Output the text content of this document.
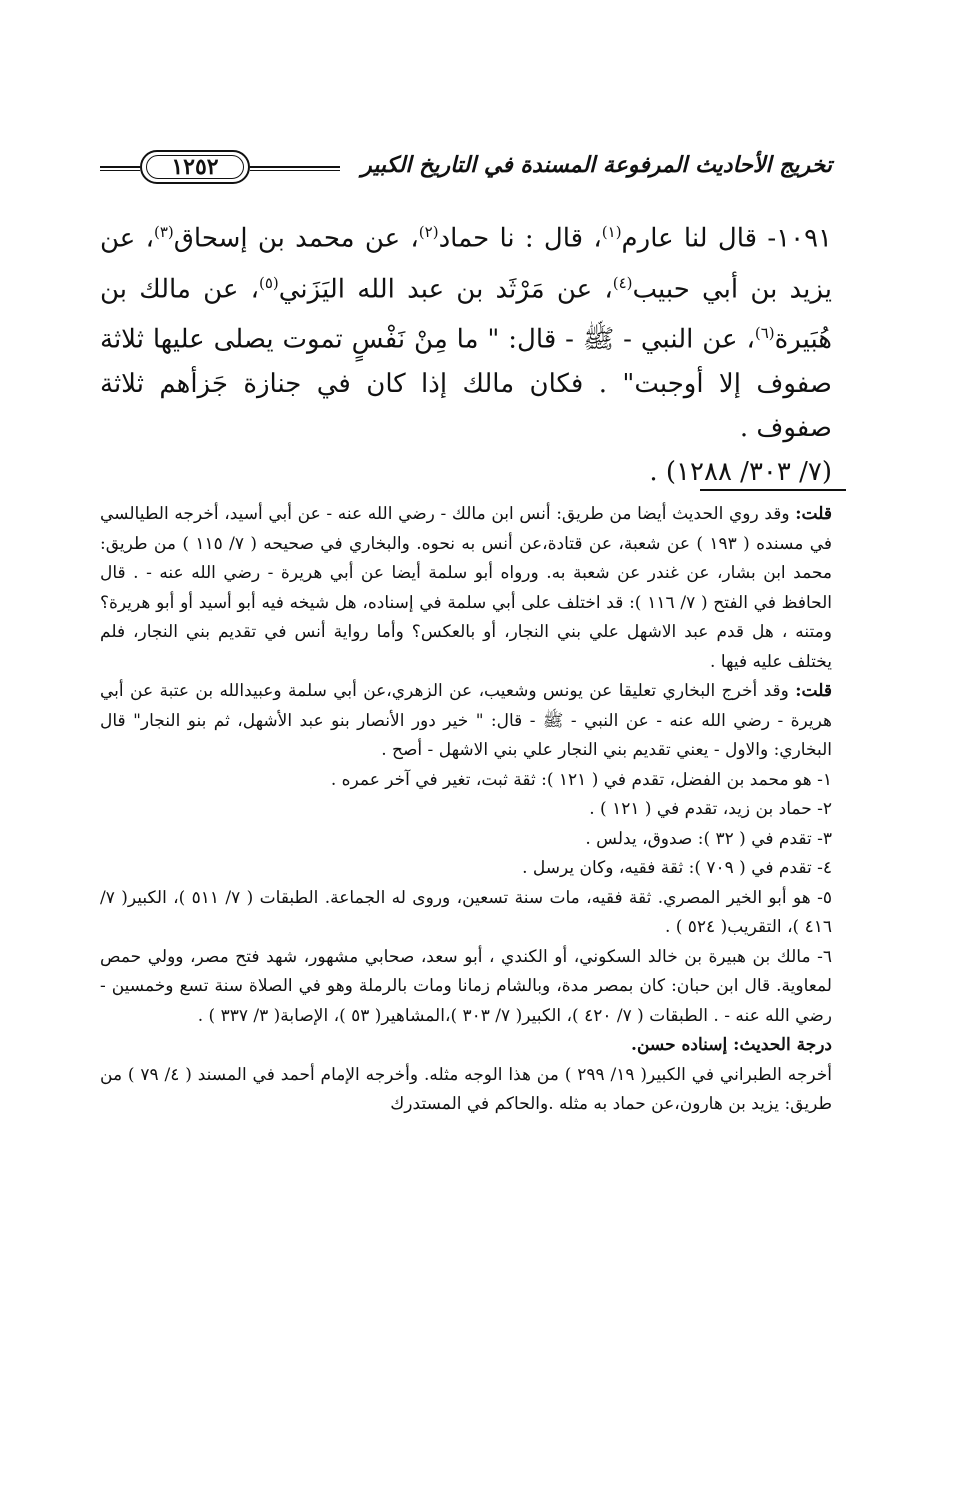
١٢٥٢	تخريج الأحاديث المرفوعة المسندة في التاريخ الكبير

١٠٩١- قال لنا عارم$^{(١)}$، قال : نا حماد$^{(٢)}$، عن محمد بن إسحاق$^{(٣)}$، عن يزيد بن أبي حبيب$^{(٤)}$، عن مَرْثَد بن عبد الله اليَزَني$^{(٥)}$، عن مالك بن هُبَيرة$^{(٦)}$، عن النبي - ﷺ - قال: " ما مِنْ نَفْسٍ تموت يصلى عليها ثلاثة صفوف إلا أوجبت" . فكان مالك إذا كان في جنازة جَزأهم ثلاثة صفوف .

(٧/ ٣٠٣/ ١٢٨٨) .

قلت: وقد روي الحديث أيضا من طريق: أنس ابن مالك - رضي الله عنه - عن أبي أسيد، أخرجه الطيالسي في مسنده ( ١٩٣ ) عن شعبة، عن قتادة،عن أنس به نحوه. والبخاري في صحيحه ( ٧/ ١١٥ ) من طريق: محمد ابن بشار، عن غندر عن شعبة به. ورواه أبو سلمة أيضا عن أبي هريرة - رضي الله عنه - . قال الحافظ في الفتح ( ٧/ ١١٦ ): قد اختلف على أبي سلمة في إسناده، هل شيخه فيه أبو أسيد أو أبو هريرة؟ ومتنه ، هل قدم عبد الاشهل علي بني النجار، أو بالعكس؟ وأما رواية أنس في تقديم بني النجار، فلم يختلف عليه فيها .

قلت: وقد أخرج البخاري تعليقا عن يونس وشعيب، عن الزهري،عن أبي سلمة وعبيدالله بن عتبة عن أبي هريرة - رضي الله عنه - عن النبي - ﷺ - قال: " خير دور الأنصار بنو عبد الأشهل، ثم بنو النجار" قال البخاري: والاول - يعني تقديم بني النجار علي بني الاشهل - أصح .

١- هو محمد بن الفضل، تقدم في ( ١٢١ ): ثقة ثبت، تغير في آخر عمره .

٢- حماد بن زيد، تقدم في ( ١٢١ ) .

٣- تقدم في ( ٣٢ ): صدوق، يدلس .

٤- تقدم في ( ٧٠٩ ): ثقة فقيه، وكان يرسل .

٥- هو أبو الخير المصري. ثقة فقيه، مات سنة تسعين، وروى له الجماعة. الطبقات ( ٧/ ٥١١ )، الكبير( ٧/ ٤١٦ )، التقريب( ٥٢٤ ) .

٦- مالك بن هبيرة بن خالد السكوني، أو الكندي ، أبو سعد، صحابي مشهور، شهد فتح مصر، وولي حمص لمعاوية. قال ابن حبان: كان بمصر مدة، وبالشام زمانا ومات بالرملة وهو في الصلاة سنة تسع وخمسين - رضي الله عنه - . الطبقات ( ٧/ ٤٢٠ )، الكبير( ٧/ ٣٠٣ )،المشاهير( ٥٣ )، الإصابة( ٣/ ٣٣٧ ) .

درجة الحديث: إسناده حسن.

أخرجه الطبراني في الكبير( ١٩/ ٢٩٩ ) من هذا الوجه مثله. وأخرجه الإمام أحمد في المسند ( ٤/ ٧٩ ) من طريق: يزيد بن هارون،عن حماد به مثله .والحاكم في المستدرك
